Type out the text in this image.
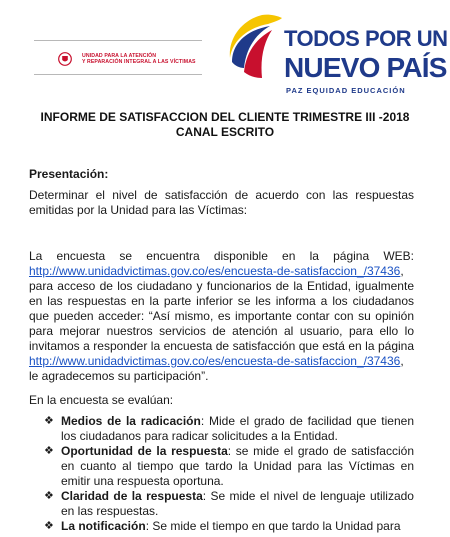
UNIDAD PARA LA ATENCIÓN
Y REPARACIÓN INTEGRAL A LAS VÍCTIMAS
TODOS POR UN
NUEVO PAÍS
PAZ EQUIDAD EDUCACIÓN
INFORME DE SATISFACCION DEL CLIENTE TRIMESTRE III -2018
CANAL ESCRITO
Presentación:

Determinar el nivel de satisfacción de acuerdo con las respuestas emitidas por la Unidad para las Víctimas:

La encuesta se encuentra disponible en la página WEB: http://www.unidadvictimas.gov.co/es/encuesta-de-satisfaccion_/37436, para acceso de los ciudadano y funcionarios de la Entidad, igualmente en las respuestas en la parte inferior se les informa a los ciudadanos que pueden acceder: “Así mismo, es importante contar con su opinión para mejorar nuestros servicios de atención al usuario, para ello lo invitamos a responder la encuesta de satisfacción que está en la página http://www.unidadvictimas.gov.co/es/encuesta-de-satisfaccion_/37436, le agradecemos su participación”.

En la encuesta se evalúan:

❖ Medios de la radicación: Mide el grado de facilidad que tienen los ciudadanos para radicar solicitudes a la Entidad.
❖ Oportunidad de la respuesta: se mide el grado de satisfacción en cuanto al tiempo que tardo la Unidad para las Víctimas en emitir una respuesta oportuna.
❖ Claridad de la respuesta: Se mide el nivel de lenguaje utilizado en las respuestas.
❖ La notificación: Se mide el tiempo en que tardo la Unidad para
